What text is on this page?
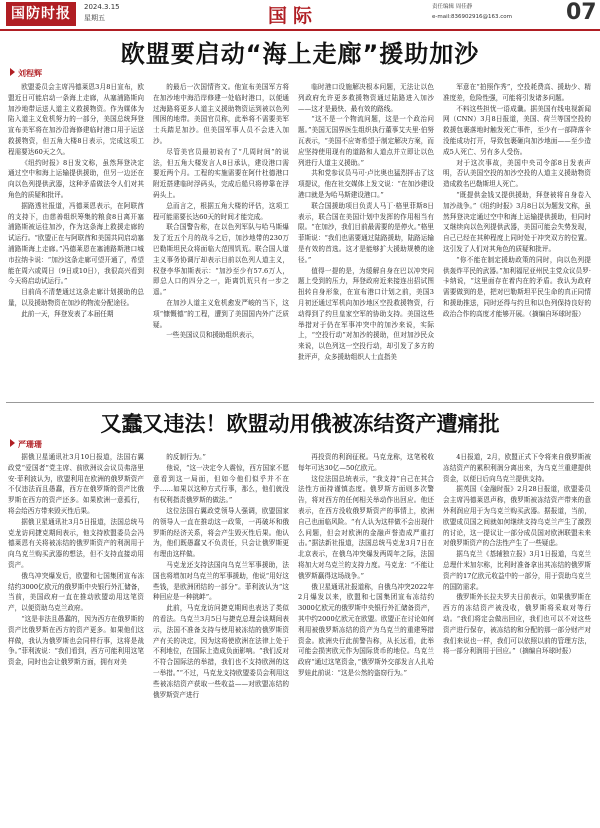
国防时报	2024.3.15
星期五	国际	责任编辑 周佳静
e-mail:836902916@163.com 07
欧盟要启动“海上走廊”援助加沙
刘程辉

欧盟委员会主席冯德莱恩3月8日宣布，欧盟近日可能启动一条海上走廊，从塞浦路斯向加沙地带运送人道主义救援物资。作为媒体为陷入道主义危机努力的一部分，美国总统拜登宣布美军将在加沙沿海修建临时港口用于运送救援物资，但五角大楼8日表示，完成这项工程需要达60天之久。

《纽约时报》8日发文称，虽然拜登决定通过空中和海上运输提供援助，但另一边还在向以色列提供武器，这种矛盾做法令人们对其角色的质疑和批评。

据路透社报道，冯德莱恩表示，在阿联酋的支持下，由慈善组织筹集的粮食8日离开塞浦路斯被运往加沙，作为这条海上救援走廊的试运行。“欧盟正在与阿联酋和美国共同启动塞浦路斯海上走廊。”冯德莱恩在塞浦路斯港口城市拉纳卡说：“加沙这条走廊可望开通了，希望能在周六或周日（9日或10日），我很高兴看到今天将启动试运行。”

目前尚不清楚通过这条走廊计划援助的总量，以及援助物资在加沙的物流分配途径。

此前一天，拜登发表了本届任期

的最后一次国情咨文。他宣布美国军方将在加沙地中海沿岸修建一处临时港口，以便通过海路将更多人道主义援助物资运到被以色列围困的地带。美国官员称，此举将不需要美军士兵踏足加沙。但美国军事人员不会进入加沙。

尽管美官员最初说有了“几周时间”的说法，但五角大楼发言人8日承认，建设港口需要近两个月。工程的实施需要在阿什杜德港口附近搭建临时浮码头，完成后船只将停靠在浮码头上。

总而言之，根据五角大楼的评估，这项工程可能需要长达60天的时间才能完成。

联合国警告称，在以色列军队与哈马斯爆发了近五个月的战斗之后，加沙地带的230万巴勒斯坦民众将面临大范围饥荒。联合国人道主义事务协调厅却表示目前以色列人道主义，权登李华加斯表示：“加沙至少有57.6万人，即总人口的四分之一，距离饥荒只有一步之遥。”

在加沙人道主义危机愈发严峻的当下，这项“慷慨德”的工程，遭到了美国国内外广泛质疑。

一些美国议员和援助组织表示，

临时港口设施解决根本问题，无法让以色列政府允许更多救援物资通过陆路进入加沙——这才是最快、最有效的路线。

“这不是一个物流问题，这是一个政治问题。”美国无国界医生组织执行董事艾夫里·伯努瓦表示，“美国不应寄希望于制定解决方案，而应坚持使用现有的道路和人道点并立即让以色列进行人道主义援助。”

共和党参议员马可·卢比奥也猛烈抨击了这项提议，他在社交媒体上发文说：“在加沙建设港口就是为哈马斯建设港口。”

联合国援助项目负责人马丁·格里菲斯8日表示，联合国在美国计划中发挥的作用相当有限。“在加沙，我们目前最需要的是停火。”格里菲斯说：“我们也需要通过陆路援助，陆路运输是有效的首选。这才是能够扩大援助规模的途径。”

值得一提的是，为缓解自身在巴以冲突问题上受到的压力，拜登政府近来接连出招试图扭转自身形象，在宣布港口计划之前，美国3月初还通过军机向加沙地区空投救援物资，行动得到了约旦皇家空军的协助支持。美国这些举措对于仍在军事冲突中的加沙来说，实际上，“空投行动”对加沙的援助，但对加沙民众来说，以色列这一空投行动，却引发了多方的批评声，众多援助组织人士直指美

军意在“拍照作秀”，空投耗费高、援助少、精准度差，危险性强，可能将引发诸多问题。

不料这些担忧一语成谶。据美国有线电视新闻网（CNN）3月8日报道，美国、荷兰等国空投的救援包裹落地时触发死亡事件，至少有一部降落伞没能成功打开，导致包裹砸向加沙地面——至少造成5人死亡、另有多人受伤。

对于这次事故，美国中央司令部8日发表声明，否认美国空投的加沙空投的人道主义援助物资造成救名巴勒斯坦人死亡。

“既提供金钱又提供援助，拜登被将自身卷入加沙战争。”《纽约时报》3月8日以为题发文称，虽然拜登决定通过空中和海上运输提供援助，但同时又继续向以色列提供武器，美国可能会失势发现，自己已经在其种程度上同时处于冲突双方的位置。这引发了人们对其角色的质疑和批评。

“你不能在制定援助政策的同时，向以色列提供轰炸平民的武器。”加利福尼亚州民主党众议员罗·卡纳说，“这里面存在着内在的矛盾。我认为政府需要做到的是，把对巴勒斯坦平民生命的真正同情和援助推送，同时还得与约旦和以色列保持良好的政治合作的高度才能够开展。（摘编自环球时报）

又蠢又违法！欧盟动用俄被冻结资产遭痛批
严珊珊

据俄卫星通讯社3月10日报道，法国右翼政党“爱国者”党主席、前欧洲议会议员弗洛里安·菲利波认为，欧盟利用在欧洲的俄罗斯资产不仅违法而且愚蠢，西方在俄罗斯的资产比俄罗斯在西方的资产还多。如果欧洲一意孤行，将会给西方带来毁灭性后果。

据俄卫星通讯社3月5日报道，法国总统马克龙访问捷克期间表示，他支持欧盟委员会冯德莱恩有关将被冻结的俄罗斯资产的利润用于向乌克兰购买武器的想法，但不支持直接动用资产。

俄乌冲突爆发后，欧盟和七国集团宣布冻结约3000亿欧元的俄罗斯中央银行外汇储备，当前，美国政府一直在推动欧盟动用这笔资产，以便资助乌克兰政府。

“这是非法且愚蠢的，因为西方在俄罗斯的资产比俄罗斯在西方的资产更多。如果他们这样做，我认为俄罗斯也会同样行事，这将是战争。”菲利波说：“我们看到，西方可能利用这笔资金，同时也会让俄罗斯方面，拥有对美

的反制行为。”

他说，“这一决定令人震惊，西方国家不愿意看到这一局面，但如今他们似乎并不在乎……如果以这种方式行事，那么，他们就没有权利指责俄罗斯的做法。”

这位法国右翼政党领导人强调，欧盟国家的领导人一直在推动这一政策，一再破坏和俄罗斯的经济关系，将会产生毁灭性后果。他认为，他们既愚蠢又不负责任，只会让俄罗斯更有理由这样做。

马克龙还支持法国向乌克兰军事援助，法国也将增加对乌克兰的军事援助，他说“用好这些钱，是欧洲团结的一部分”。菲利波认为“这种回应是一种挑衅”。

此前，马克龙访问捷克期间也表达了类似的看法。乌克兰3月5日与捷克总理会谈期间表示，法国不准备支持与使用被冻结的俄罗斯资产有关的决定，因为这将使欧洲在法律上处于不利地位，在国际上造成负面影响。“我们反对不符合国际法的举措，我们也不支持欧洲的这一举措。”“不过，马克龙支持欧盟委员会利用这些被冻结资产获取一些收益——对欧盟冻结的俄罗斯资产进行

再投资的利润征税。马克龙称，这笔税收每年可达30亿—50亿欧元。

这位法国总统表示，“我支持”自己在其合法性方面持谨慎态度。俄罗斯方面则多次警告，将对西方的任何相关举动作出回应。他还表示，在西方没收俄罗斯资产的事情上，欧洲自己也面临风险。“有人认为这样做不会出现什么问题，但会对欧洲的金融声誉造成严重打击。”据法新社报道，法国总统马克龙3月7日在北京表示，在俄乌冲突爆发两周年之际，法国将加大对乌克兰的支持力度。马克龙：“不能让俄罗斯赢得这场战争。”

俄卫星通讯社报道称，自俄乌冲突2022年2月爆发以来，欧盟和七国集团宣布冻结约3000亿欧元的俄罗斯中央银行外汇储备资产，其中约2000亿欧元在欧盟。欧盟正在讨论如何利用被俄罗斯冻结的资产为乌克兰的重建筹措资金。欧洲央行此前警告称，从长远看，此举可能会损害欧元作为国际货币的地位。乌克兰政府“通过这笔资金，”俄罗斯外交部发言人扎哈罗娃此前说：“这是公然的盗窃行为。”

4日报道，2月，欧盟正式下令将来自俄罗斯被冻结资产的累积利润分离出来，为乌克兰重建提供资金，以便日后向乌克兰提供支持。

据英国《金融时报》2月28日报道，欧盟委员会主席冯德莱恩声称，俄罗斯被冻结资产带来的意外利润应用于为乌克兰购买武器。据报道，当前，欧盟成员国之间就如何继续支持乌克兰产生了激烈的讨论，这一提议让一部分成员国对欧洲联盟未来对俄罗斯资产的合法性产生了一些疑虑。

据乌克兰《基辅独立报》3月1日报道，乌克兰总理什米加尔称，比利时准备拿出其冻结的俄罗斯资产的17亿欧元收益中的一部分，用于资助乌克兰的国防需求。

俄罗斯外长拉夫罗夫日前表示，如果俄罗斯在西方的冻结资产被没收，俄罗斯将采取对等行动。“我们将定会做出回应，我们也可以不对这些资产进行保存，被冻结的和分配的那一部分财产对我们来说也一样，我们可以依照以前的管理方法，将一部分利润用于回应。”（摘编自环球时报）
